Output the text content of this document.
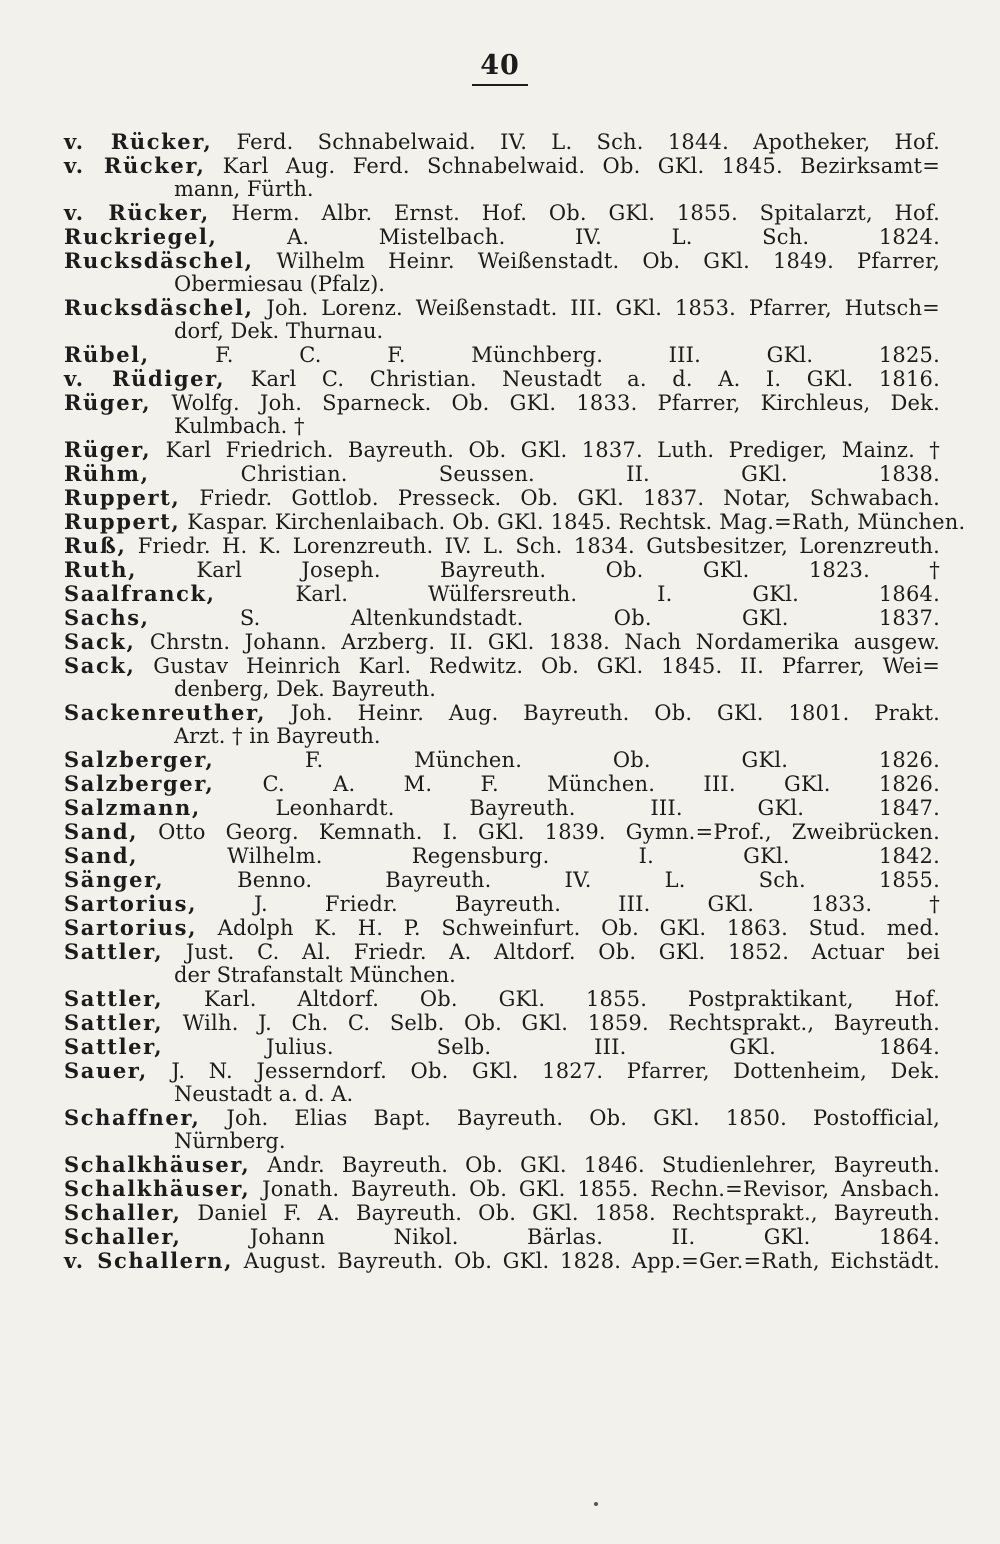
40
v. Rücker, Ferd. Schnabelwaid. IV. L. Sch. 1844. Apotheker, Hof.
v. Rücker, Karl Aug. Ferd. Schnabelwaid. Ob. GKl. 1845. Bezirksamt=
mann, Fürth.
v. Rücker, Herm. Albr. Ernst. Hof. Ob. GKl. 1855. Spitalarzt, Hof.
Ruckriegel,	A. Mistelbach. IV. L. Sch. 1824.
Rucksdäschel, Wilhelm Heinr. Weißenstadt. Ob. GKl. 1849. Pfarrer,
Obermiesau (Pfalz).
Rucksdäschel, Joh. Lorenz. Weißenstadt. III. GKl. 1853. Pfarrer, Hutsch=
dorf, Dek. Thurnau.
Rübel,	F. C. F. Münchberg. III. GKl. 1825.
v. Rüdiger, Karl C. Christian. Neustadt a. d. A. I. GKl. 1816.
Rüger, Wolfg. Joh. Sparneck. Ob. GKl. 1833. Pfarrer, Kirchleus, Dek.
Kulmbach. †
Rüger, Karl Friedrich. Bayreuth. Ob. GKl. 1837. Luth. Prediger, Mainz. †
Rühm,	Christian. Seussen. II. GKl. 1838.
Ruppert, Friedr. Gottlob. Presseck. Ob. GKl. 1837. Notar, Schwabach.
Ruppert, Kaspar. Kirchenlaibach. Ob. GKl. 1845. Rechtsk. Mag.=Rath, München.
Ruß, Friedr. H. K. Lorenzreuth. IV. L. Sch. 1834. Gutsbesitzer, Lorenzreuth.
Ruth,	Karl Joseph. Bayreuth. Ob. GKl. 1823. †
Saalfranck,	Karl. Wülfersreuth. I. GKl. 1864.
Sachs,	S. Altenkundstadt. Ob. GKl. 1837.
Sack, Chrstn. Johann. Arzberg. II. GKl. 1838. Nach Nordamerika ausgew.
Sack, Gustav Heinrich Karl. Redwitz. Ob. GKl. 1845. II. Pfarrer, Wei=
denberg, Dek. Bayreuth.
Sackenreuther, Joh. Heinr. Aug. Bayreuth. Ob. GKl. 1801. Prakt.
Arzt. † in Bayreuth.
Salzberger,	F. München. Ob. GKl. 1826.
Salzberger, C. A. M. F. München. III. GKl. 1826.
Salzmann,	Leonhardt. Bayreuth. III. GKl. 1847.
Sand, Otto Georg. Kemnath. I. GKl. 1839. Gymn.=Prof., Zweibrücken.
Sand,	Wilhelm. Regensburg. I. GKl. 1842.
Sänger,	Benno. Bayreuth. IV. L. Sch. 1855.
Sartorius,	J. Friedr. Bayreuth. III. GKl. 1833. †
Sartorius, Adolph K. H. P. Schweinfurt. Ob. GKl. 1863. Stud. med.
Sattler, Just. C. Al. Friedr. A. Altdorf. Ob. GKl. 1852. Actuar bei
der Strafanstalt München.
Sattler, Karl. Altdorf. Ob. GKl. 1855. Postpraktikant, Hof.
Sattler, Wilh. J. Ch. C. Selb. Ob. GKl. 1859. Rechtsprakt., Bayreuth.
Sattler,	Julius. Selb. III. GKl. 1864.
Sauer, J. N. Jesserndorf. Ob. GKl. 1827. Pfarrer, Dottenheim, Dek.
Neustadt a. d. A.
Schaffner, Joh. Elias Bapt. Bayreuth. Ob. GKl. 1850. Postofficial,
Nürnberg.
Schalkhäuser, Andr. Bayreuth. Ob. GKl. 1846. Studienlehrer, Bayreuth.
Schalkhäuser, Jonath. Bayreuth. Ob. GKl. 1855. Rechn.=Revisor, Ansbach.
Schaller, Daniel F. A. Bayreuth. Ob. GKl. 1858. Rechtsprakt., Bayreuth.
Schaller,	Johann Nikol. Bärlas. II. GKl. 1864.
v. Schallern, August. Bayreuth. Ob. GKl. 1828. App.=Ger.=Rath, Eichstädt.
